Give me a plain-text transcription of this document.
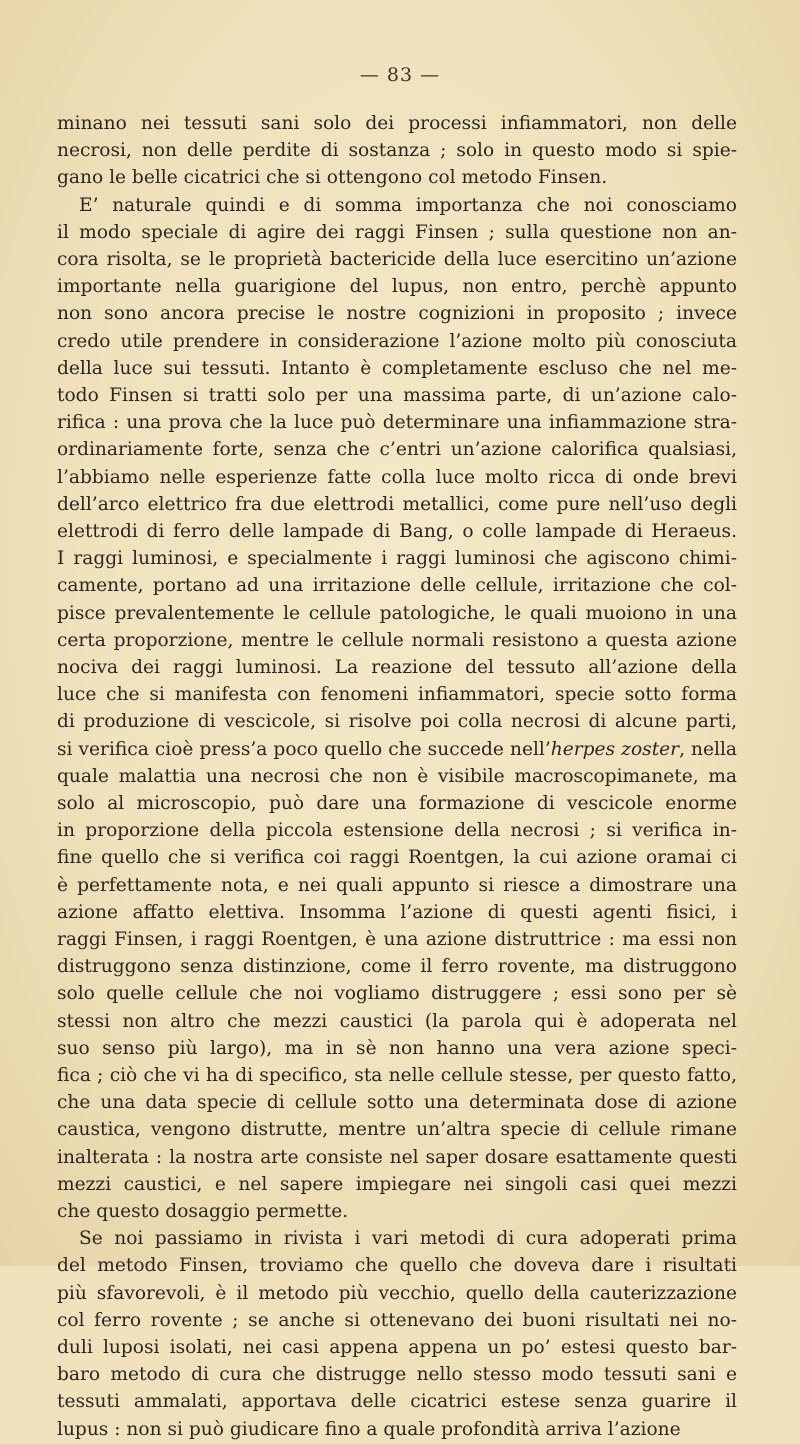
— 83 —
minano nei tessuti sani solo dei processi infiammatori, non delle
necrosi, non delle perdite di sostanza ; solo in questo modo si spie-
gano le belle cicatrici che si ottengono col metodo Finsen.
E’ naturale quindi e di somma importanza che noi conosciamo
il modo speciale di agire dei raggi Finsen ; sulla questione non an-
cora risolta, se le proprietà bactericide della luce esercitino un’azione
importante nella guarigione del lupus, non entro, perchè appunto
non sono ancora precise le nostre cognizioni in proposito ; invece
credo utile prendere in considerazione l’azione molto più conosciuta
della luce sui tessuti. Intanto è completamente escluso che nel me-
todo Finsen si tratti solo per una massima parte, di un’azione calo-
rifica : una prova che la luce può determinare una infiammazione stra-
ordinariamente forte, senza che c’entri un’azione calorifica qualsiasi,
l’abbiamo nelle esperienze fatte colla luce molto ricca di onde brevi
dell’arco elettrico fra due elettrodi metallici, come pure nell’uso degli
elettrodi di ferro delle lampade di Bang, o colle lampade di Heraeus.
I raggi luminosi, e specialmente i raggi luminosi che agiscono chimi-
camente, portano ad una irritazione delle cellule, irritazione che col-
pisce prevalentemente le cellule patologiche, le quali muoiono in una
certa proporzione, mentre le cellule normali resistono a questa azione
nociva dei raggi luminosi. La reazione del tessuto all’azione della
luce che si manifesta con fenomeni infiammatori, specie sotto forma
di produzione di vescicole, si risolve poi colla necrosi di alcune parti,
si verifica cioè press’a poco quello che succede nell’herpes zoster, nella
quale malattia una necrosi che non è visibile macroscopimanete, ma
solo al microscopio, può dare una formazione di vescicole enorme
in proporzione della piccola estensione della necrosi ; si verifica in-
fine quello che si verifica coi raggi Roentgen, la cui azione oramai ci
è perfettamente nota, e nei quali appunto si riesce a dimostrare una
azione affatto elettiva. Insomma l’azione di questi agenti fisici, i
raggi Finsen, i raggi Roentgen, è una azione distruttrice : ma essi non
distruggono senza distinzione, come il ferro rovente, ma distruggono
solo quelle cellule che noi vogliamo distruggere ; essi sono per sè
stessi non altro che mezzi caustici (la parola qui è adoperata nel
suo senso più largo), ma in sè non hanno una vera azione speci-
fica ; ciò che vi ha di specifico, sta nelle cellule stesse, per questo fatto,
che una data specie di cellule sotto una determinata dose di azione
caustica, vengono distrutte, mentre un’altra specie di cellule rimane
inalterata : la nostra arte consiste nel saper dosare esattamente questi
mezzi caustici, e nel sapere impiegare nei singoli casi quei mezzi
che questo dosaggio permette.
Se noi passiamo in rivista i vari metodi di cura adoperati prima
del metodo Finsen, troviamo che quello che doveva dare i risultati
più sfavorevoli, è il metodo più vecchio, quello della cauterizzazione
col ferro rovente ; se anche si ottenevano dei buoni risultati nei no-
duli luposi isolati, nei casi appena appena un po’ estesi questo bar-
baro metodo di cura che distrugge nello stesso modo tessuti sani e
tessuti ammalati, apportava delle cicatrici estese senza guarire il
lupus : non si può giudicare fino a quale profondità arriva l’azione
